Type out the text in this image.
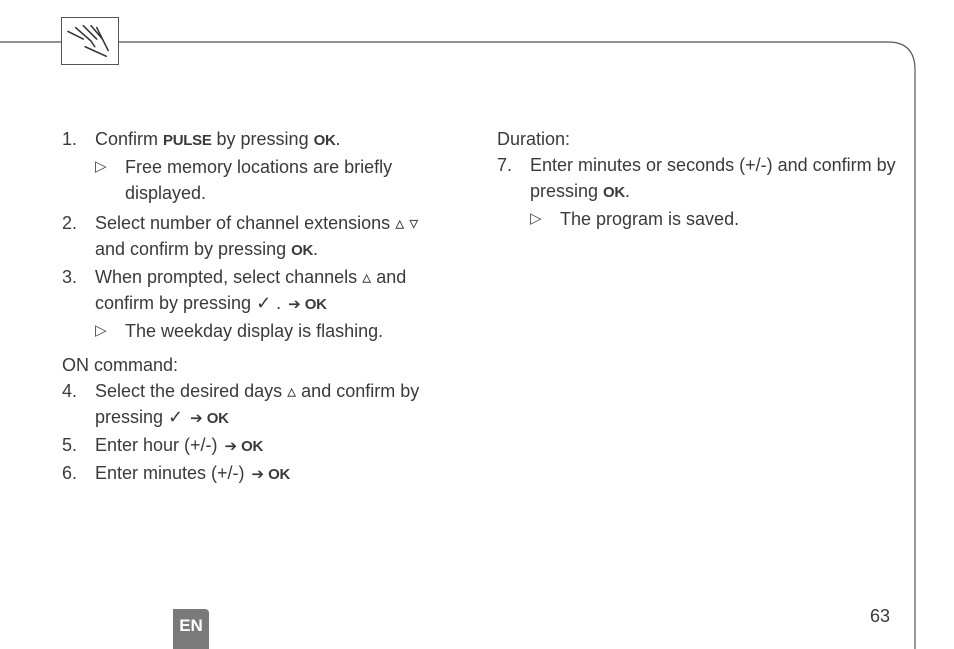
1. Confirm PULSE by pressing OK.
▷	Free memory locations are briefly displayed.
2. Select number of channel extensions ▵ ▿ and confirm by pressing OK.
3. When prompted, select channels ▵ and confirm by pressing ✓ . ➔ OK
▷	The weekday display is flashing.
ON command:
4. Select the desired days ▵ and confirm by pressing ✓ ➔ OK
5. Enter hour (+/-) ➔ OK
6. Enter minutes (+/-) ➔ OK
Duration:
7. Enter minutes or seconds (+/-) and confirm by pressing OK.
▷	The program is saved.
EN	63
